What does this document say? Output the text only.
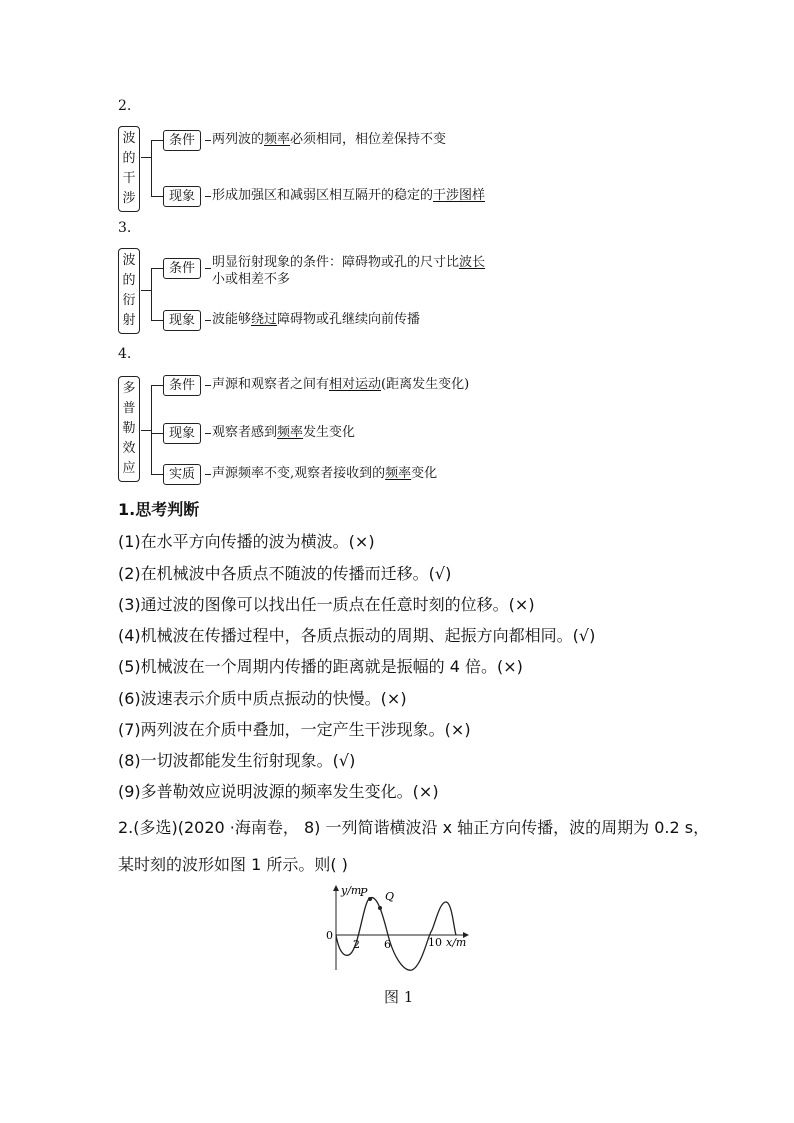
2.
波
的
干
涉
条件	两列波的频率必须相同，相位差保持不变
现象	形成加强区和减弱区相互隔开的稳定的干涉图样
3.
波
的
衍
射
条件	明显衍射现象的条件：障碍物或孔的尺寸比波长
小或相差不多
现象	波能够绕过障碍物或孔继续向前传播
4.
多
普
勒
效
应
条件	声源和观察者之间有相对运动(距离发生变化)
现象	观察者感到频率发生变化
实质	声源频率不变,观察者接收到的频率变化
1.思考判断
(1)在水平方向传播的波为横波。(×)
(2)在机械波中各质点不随波的传播而迁移。(√)
(3)通过波的图像可以找出任一质点在任意时刻的位移。(×)
(4)机械波在传播过程中，各质点振动的周期、起振方向都相同。(√)
(5)机械波在一个周期内传播的距离就是振幅的 4 倍。(×)
(6)波速表示介质中质点振动的快慢。(×)
(7)两列波在介质中叠加，一定产生干涉现象。(×)
(8)一切波都能发生衍射现象。(√)
(9)多普勒效应说明波源的频率发生变化。(×)
2.(多选)(2020 ·海南卷， 8) 一列简谐横波沿 x 轴正方向传播，波的周期为 0.2 s，
某时刻的波形如图 1 所示。则( )
y/m
0
2 6	10 x/m
P Q
图 1
